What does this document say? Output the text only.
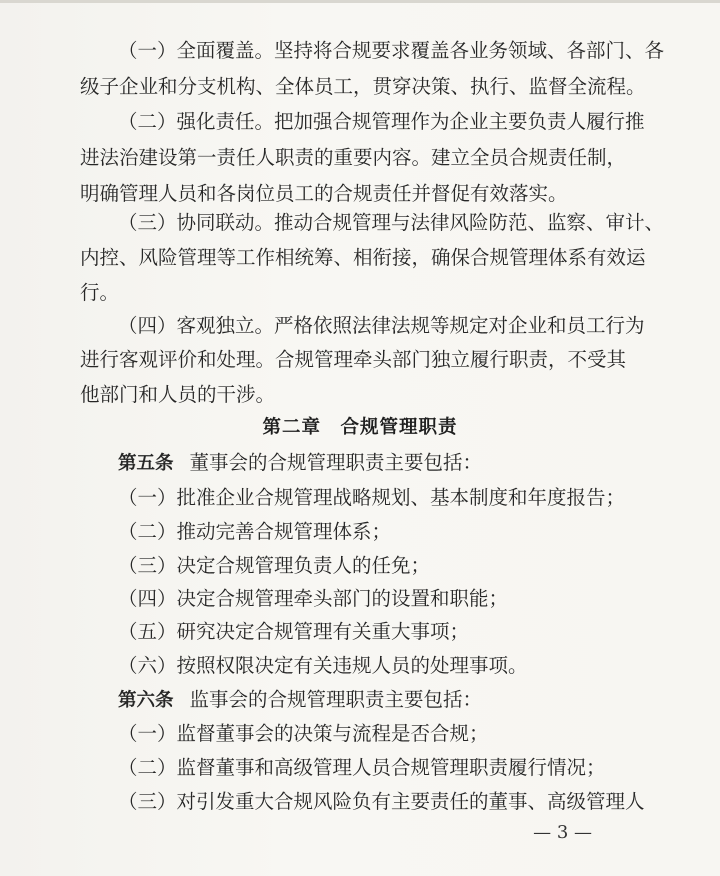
（一）全面覆盖。坚持将合规要求覆盖各业务领域、各部门、各
级子企业和分支机构、全体员工，贯穿决策、执行、监督全流程。
（二）强化责任。把加强合规管理作为企业主要负责人履行推
进法治建设第一责任人职责的重要内容。建立全员合规责任制，
明确管理人员和各岗位员工的合规责任并督促有效落实。
（三）协同联动。推动合规管理与法律风险防范、监察、审计、
内控、风险管理等工作相统筹、相衔接，确保合规管理体系有效运
行。
（四）客观独立。严格依照法律法规等规定对企业和员工行为
进行客观评价和处理。合规管理牵头部门独立履行职责，不受其
他部门和人员的干涉。
第二章　合规管理职责
第五条 董事会的合规管理职责主要包括：
（一）批准企业合规管理战略规划、基本制度和年度报告；
（二）推动完善合规管理体系；
（三）决定合规管理负责人的任免；
（四）决定合规管理牵头部门的设置和职能；
（五）研究决定合规管理有关重大事项；
（六）按照权限决定有关违规人员的处理事项。
第六条 监事会的合规管理职责主要包括：
（一）监督董事会的决策与流程是否合规；
（二）监督董事和高级管理人员合规管理职责履行情况；
（三）对引发重大合规风险负有主要责任的董事、高级管理人
— 3 —
